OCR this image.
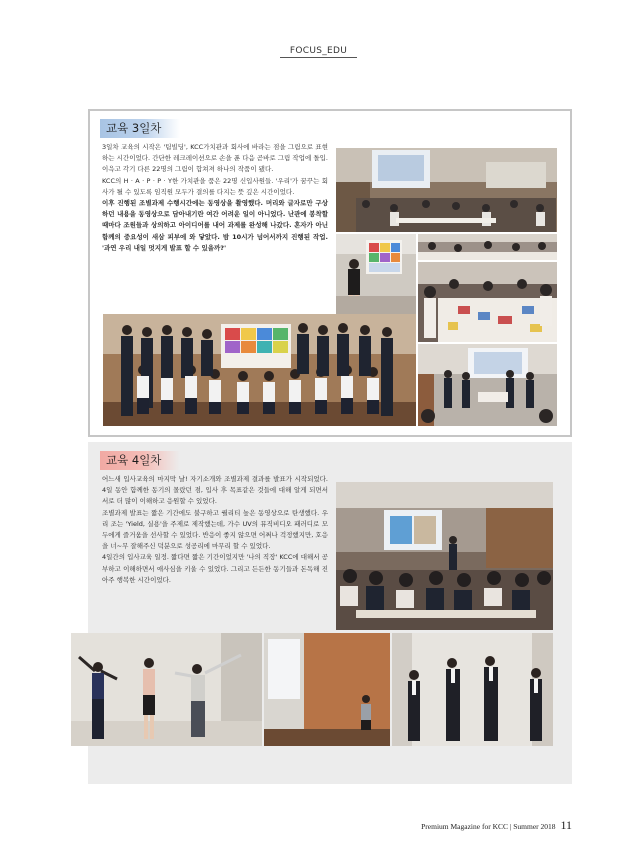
FOCUS_EDU
교육 3일차

3일차 교육의 시작은 '팀빌딩', KCC가치관과 회사에 바라는 점을 그림으로 표현하는 시간이었다. 간단한 레크레이션으로 손을 푼 다음 곧바로 그림 작업에 돌입. 이윽고 각기 다른 22명의 그림이 합쳐져 하나의 작품이 됐다.

KCC의 H · A · P · P · Y한 가치관을 품은 22명 신입사원들. '우리'가 꿈꾸는 회사가 될 수 있도록 임직원 모두가 결의를 다지는 뜻 깊은 시간이었다.

이후 진행된 조별과제 수행시간에는 동영상을 촬영했다. 머리와 글자로만 구상하던 내용을 동영상으로 담아내기란 여간 어려운 일이 아니었다. 난관에 봉착할 때마다 조원들과 상의하고 아이디어를 내어 과제를 완성해 나갔다. 혼자가 아닌 함께의 중요성이 새삼 피부에 와 닿았다. 밤 10시가 넘어서까지 진행된 작업. '과연 우리 내일 멋지게 발표 할 수 있을까?'

교육 4일차

어느새 입사교육의 마지막 날! 자기소개와 조별과제 결과를 발표가 시작되었다. 4일 동안 함께한 동기의 몰랐던 점, 입사 후 목표같은 것들에 대해 알게 되면서 서로 더 많이 이해하고 응원할 수 있었다.

조별과제 발표는 짧은 기간에도 불구하고 퀄리티 높은 동영상으로 탄생했다. 우리 조는 'Yield, 실용'을 주제로 제작했는데, 가수 UV의 뮤직비디오 패러디로 모두에게 즐거움을 선사할 수 있었다. 반응이 좋지 않으면 어쩌나 걱정했지만, 호응을 너~무 잘해주신 덕분으로 성공리에 마무리 할 수 있었다.

4일간의 입사교육 일정. 짧다면 짧은 기간이었지만 '나의 직장' KCC에 대해서 공부하고 이해하면서 애사심을 키울 수 있었다. 그리고 든든한 동기들과 돈독해 진 아주 행복한 시간이었다.

Premium Magazine for KCC | Summer 2018 11
